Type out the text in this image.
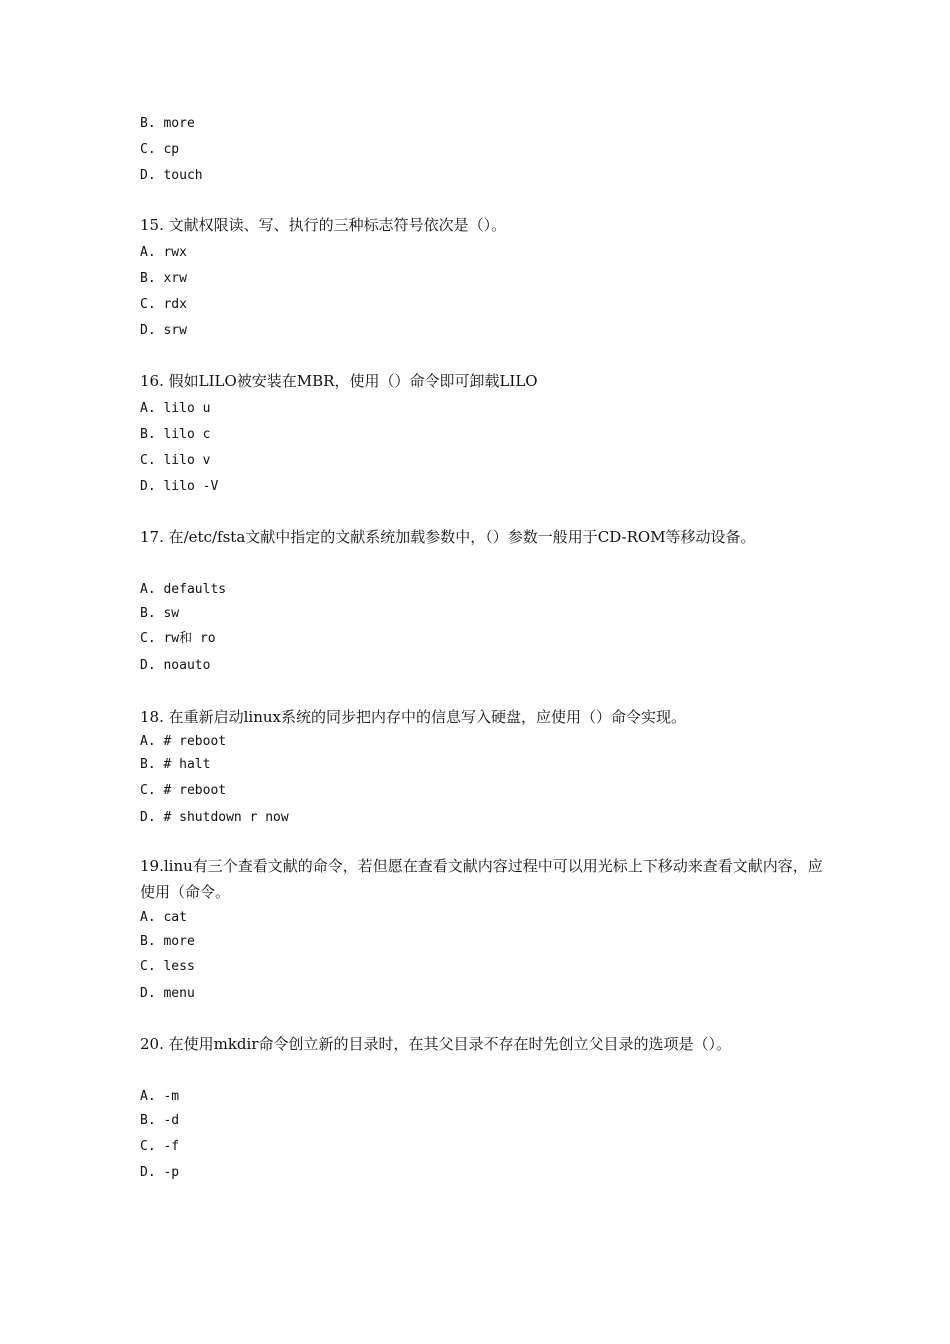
B. more
C. cp
D. touch
15. 文献权限读、写、执行的三种标志符号依次是（）。
A. rwx
B. xrw
C. rdx
D. srw
16. 假如LILO被安装在MBR，使用（）命令即可卸载LILO
A. lilo u
B. lilo c
C. lilo v
D. lilo -V
17. 在/etc/fsta文献中指定的文献系统加载参数中，（）参数一般用于CD-ROM等移动设备。
A. defaults
B. sw
C. rw和 ro
D. noauto
18. 在重新启动linux系统的同步把内存中的信息写入硬盘，应使用（）命令实现。
A. # reboot
B. # halt
C. # reboot
D. # shutdown r now
19.linu有三个查看文献的命令，若但愿在查看文献内容过程中可以用光标上下移动来查看文献内容，应使用（命令。
A. cat
B. more
C. less
D. menu
20. 在使用mkdir命令创立新的目录时，在其父目录不存在时先创立父目录的选项是（）。
A. -m
B. -d
C. -f
D. -p
